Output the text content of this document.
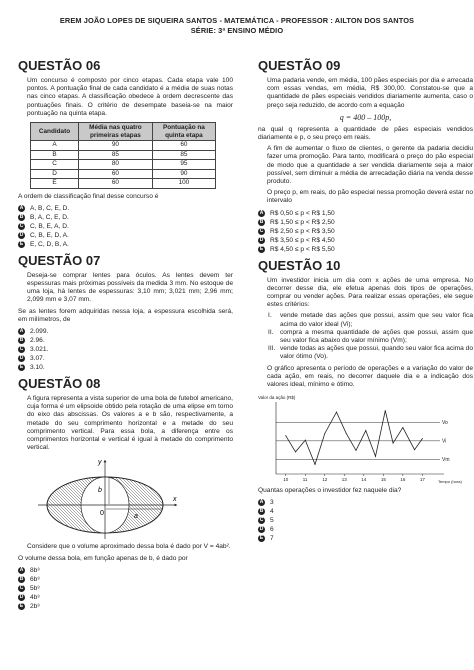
EREM JOÃO LOPES DE SIQUEIRA SANTOS - MATEMÁTICA - PROFESSOR : AILTON DOS SANTOS
SÉRIE: 3ª ENSINO MÉDIO
QUESTÃO 06

Um concurso é composto por cinco etapas. Cada etapa vale 100 pontos. A pontuação final de cada candidato é a média de suas notas nas cinco etapas. A classificação obedece à ordem decrescente das pontuações finais. O critério de desempate baseia-se na maior pontuação na quinta etapa.

Candidato	Média nas quatro primeiras etapas	Pontuação na quinta etapa
A	90	60
B	85	85
C	80	95
D	60	90
E	60	100

A ordem de classificação final desse concurso é

A A, B, C, E, D.
B B, A, C, E, D.
C C, B, E, A, D.
D C, B, E, D, A.
E E, C, D, B, A.
QUESTÃO 07

Deseja-se comprar lentes para óculos. As lentes devem ter espessuras mais próximas possíveis da medida 3 mm. No estoque de uma loja, há lentes de espessuras: 3,10 mm; 3,021 mm; 2,96 mm; 2,099 mm e 3,07 mm.

Se as lentes forem adquiridas nessa loja, a espessura escolhida será, em milímetros, de

A 2.099.
B 2.96.
C 3.021.
D 3.07.
E 3.10.
QUESTÃO 08

A figura representa a vista superior de uma bola de futebol americano, cuja forma é um elipsoide obtido pela rotação de uma elipse em torno do eixo das abscissas. Os valores a e b são, respectivamente, a metade do seu comprimento horizontal e a metade do seu comprimento vertical. Para essa bola, a diferença entre os comprimentos horizontal e vertical é igual à metade do comprimento vertical.

y
x
a
b
0

Considere que o volume aproximado dessa bola é dado por V = 4ab².

O volume dessa bola, em função apenas de b, é dado por

A 8b³
B 6b³
C 5b³
D 4b³
E 2b³
QUESTÃO 09

Uma padaria vende, em média, 100 pães especiais por dia e arrecada com essas vendas, em média, R$ 300,00. Constatou-se que a quantidade de pães especiais vendidos diariamente aumenta, caso o preço seja reduzido, de acordo com a equação

q = 400 – 100p,

na qual q representa a quantidade de pães especiais vendidos diariamente e p, o seu preço em reais.

A fim de aumentar o fluxo de clientes, o gerente da padaria decidiu fazer uma promoção. Para tanto, modificará o preço do pão especial de modo que a quantidade a ser vendida diariamente seja a maior possível, sem diminuir a média de arrecadação diária na venda desse produto.

O preço p, em reais, do pão especial nessa promoção deverá estar no intervalo

A R$ 0,50 ≤ p < R$ 1,50
B R$ 1,50 ≤ p < R$ 2,50
C R$ 2,50 ≤ p < R$ 3,50
D R$ 3,50 ≤ p < R$ 4,50
E R$ 4,50 ≤ p < R$ 5,50
QUESTÃO 10

Um investidor inicia um dia com x ações de uma empresa. No decorrer desse dia, ele efetua apenas dois tipos de operações, comprar ou vender ações. Para realizar essas operações, ele segue estes critérios:

I.	vende metade das ações que possui, assim que seu valor fica acima do valor ideal (Vi);
II. compra a mesma quantidade de ações que possui, assim que seu valor fica abaixo do valor mínimo (Vm);
III. vende todas as ações que possui, quando seu valor fica acima do valor ótimo (Vo).

O gráfico apresenta o período de operações e a variação do valor de cada ação, em reais, no decorrer daquele dia e a indicação dos valores ideal, mínimo e ótimo.

Valor da ação (R$)
10	11	12	13	14	15	16	17	Tempo (hora)
Vo
Vi
Vm

Quantas operações o investidor fez naquele dia?

A 3
B 4
C 5
D 6
E 7
